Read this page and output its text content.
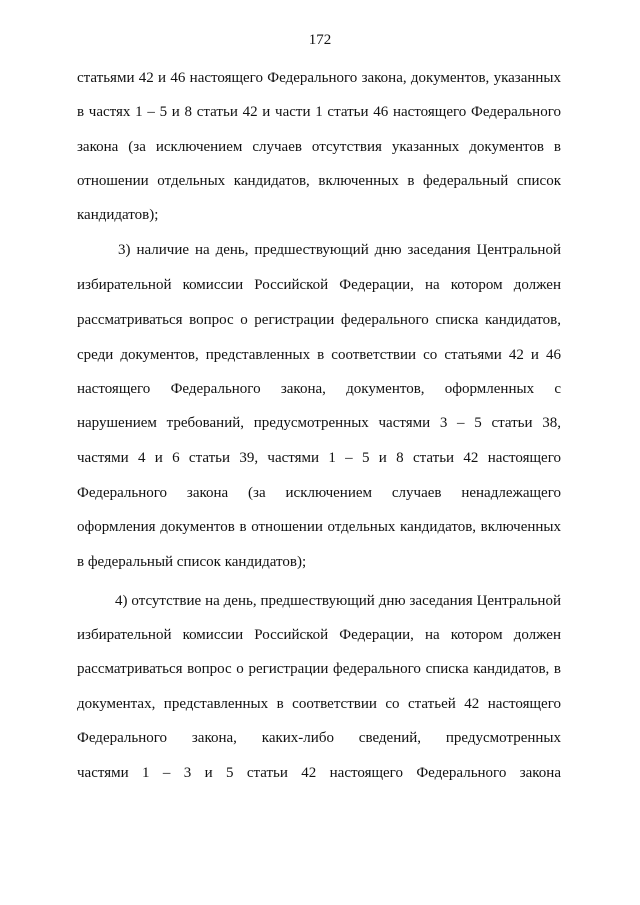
172
статьями 42 и 46 настоящего Федерального закона, документов, указанных
в частях 1 – 5 и 8 статьи 42 и части 1 статьи 46 настоящего Федерального
закона (за исключением случаев отсутствия указанных документов в
отношении отдельных кандидатов, включенных в федеральный список
кандидатов);
3) наличие на день, предшествующий дню заседания Центральной
избирательной комиссии Российской Федерации, на котором должен
рассматриваться вопрос о регистрации федерального списка кандидатов,
среди документов, представленных в соответствии со статьями 42 и 46
настоящего Федерального закона, документов, оформленных с
нарушением требований, предусмотренных частями 3 – 5 статьи 38,
частями 4 и 6 статьи 39, частями 1 – 5 и 8 статьи 42 настоящего
Федерального закона (за исключением случаев ненадлежащего
оформления документов в отношении отдельных кандидатов, включенных
в федеральный список кандидатов);
4) отсутствие на день, предшествующий дню заседания Центральной
избирательной комиссии Российской Федерации, на котором должен
рассматриваться вопрос о регистрации федерального списка кандидатов, в
документах, представленных в соответствии со статьей 42 настоящего
Федерального закона, каких-либо сведений, предусмотренных
частями 1 – 3 и 5 статьи 42 настоящего Федерального закона
